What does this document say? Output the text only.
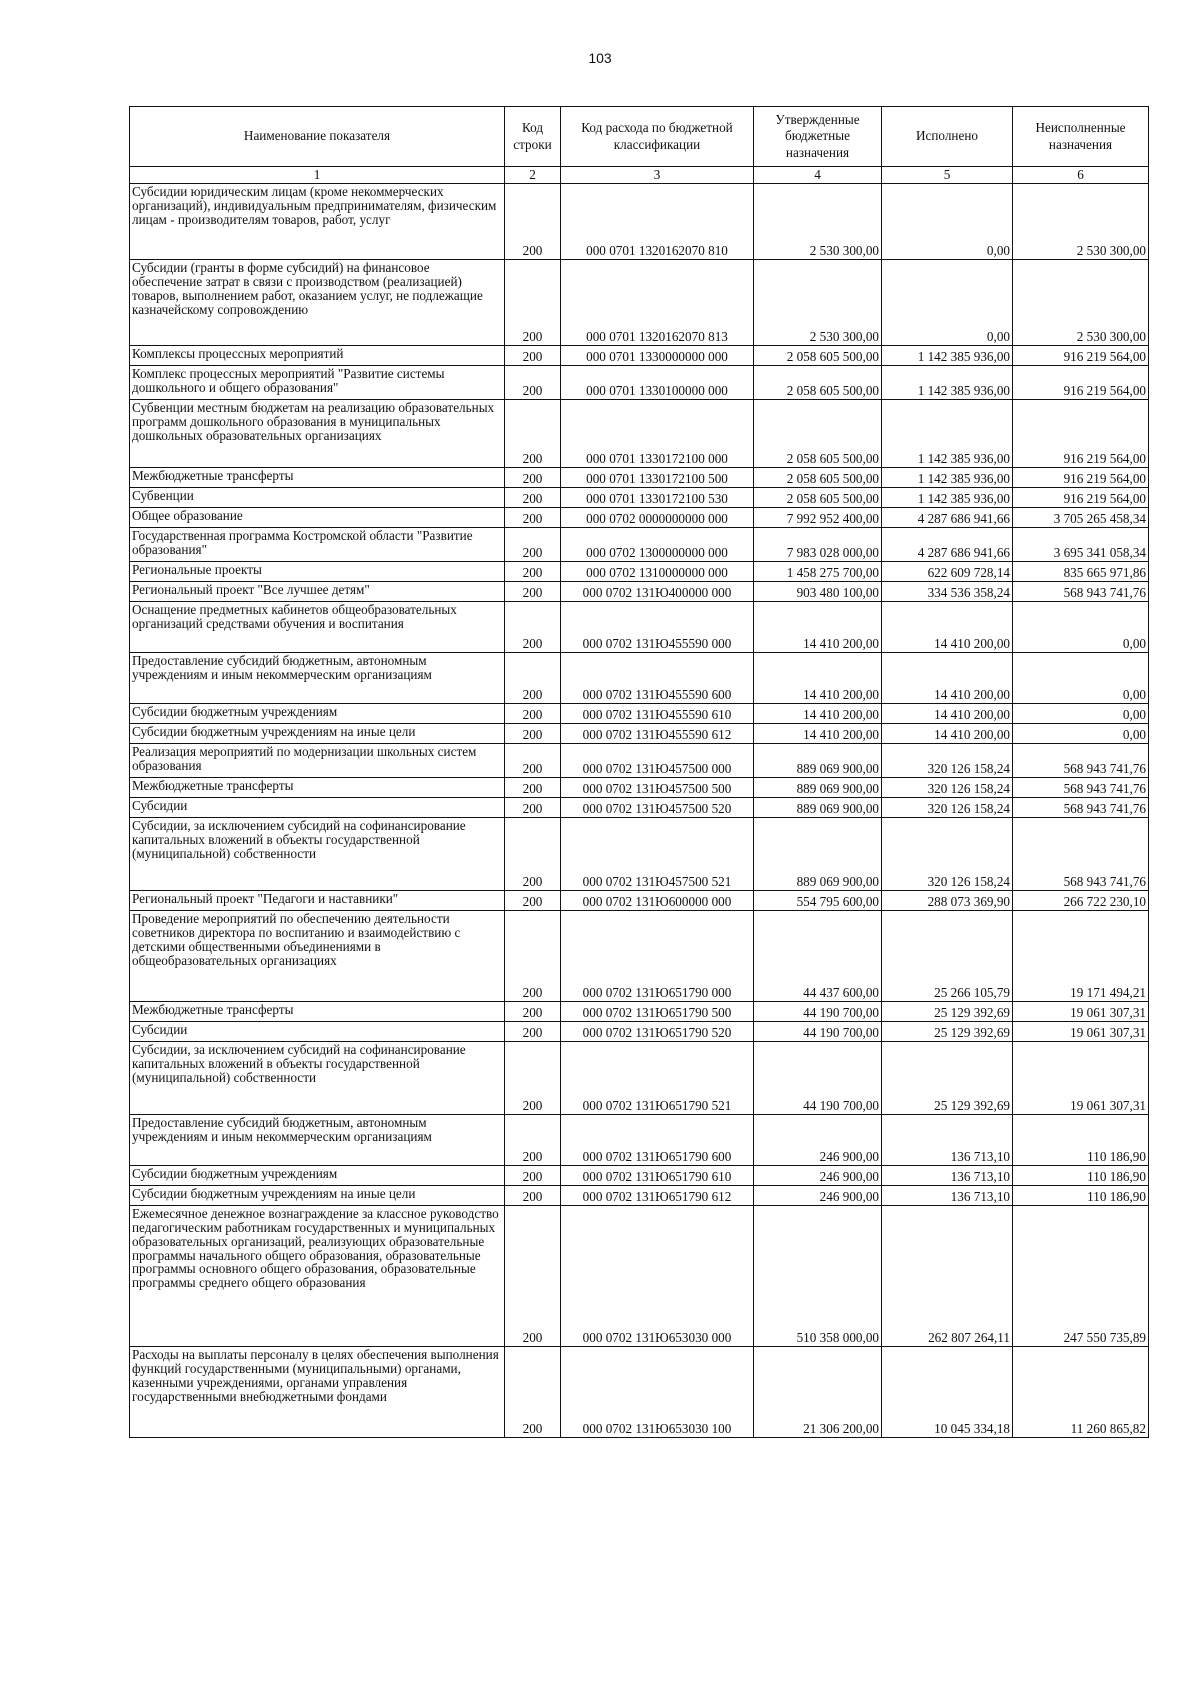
103
Наименование показателя	Код строки	Код расхода по бюджетной классификации	Утвержденные бюджетные назначения	Исполнено	Неисполненные назначения
1	2	3	4	5	6
Субсидии юридическим лицам (кроме некоммерческих организаций), индивидуальным предпринимателям, физическим лицам - производителям товаров, работ, услуг	200	000 0701 1320162070 810	2 530 300,00	0,00	2 530 300,00
Субсидии (гранты в форме субсидий) на финансовое обеспечение затрат в связи с производством (реализацией) товаров, выполнением работ, оказанием услуг, не подлежащие казначейскому сопровождению	200	000 0701 1320162070 813	2 530 300,00	0,00	2 530 300,00
Комплексы процессных мероприятий	200	000 0701 1330000000 000	2 058 605 500,00	1 142 385 936,00	916 219 564,00
Комплекс процессных мероприятий "Развитие системы дошкольного и общего образования"	200	000 0701 1330100000 000	2 058 605 500,00	1 142 385 936,00	916 219 564,00
Субвенции местным бюджетам на реализацию образовательных программ дошкольного образования в муниципальных дошкольных образовательных организациях	200	000 0701 1330172100 000	2 058 605 500,00	1 142 385 936,00	916 219 564,00
Межбюджетные трансферты	200	000 0701 1330172100 500	2 058 605 500,00	1 142 385 936,00	916 219 564,00
Субвенции	200	000 0701 1330172100 530	2 058 605 500,00	1 142 385 936,00	916 219 564,00
Общее образование	200	000 0702 0000000000 000	7 992 952 400,00	4 287 686 941,66	3 705 265 458,34
Государственная программа Костромской области "Развитие образования"	200	000 0702 1300000000 000	7 983 028 000,00	4 287 686 941,66	3 695 341 058,34
Региональные проекты	200	000 0702 1310000000 000	1 458 275 700,00	622 609 728,14	835 665 971,86
Региональный проект "Все лучшее детям"	200	000 0702 131Ю400000 000	903 480 100,00	334 536 358,24	568 943 741,76
Оснащение предметных кабинетов общеобразовательных организаций средствами обучения и воспитания	200	000 0702 131Ю455590 000	14 410 200,00	14 410 200,00	0,00
Предоставление субсидий бюджетным, автономным учреждениям и иным некоммерческим организациям	200	000 0702 131Ю455590 600	14 410 200,00	14 410 200,00	0,00
Субсидии бюджетным учреждениям	200	000 0702 131Ю455590 610	14 410 200,00	14 410 200,00	0,00
Субсидии бюджетным учреждениям на иные цели	200	000 0702 131Ю455590 612	14 410 200,00	14 410 200,00	0,00
Реализация мероприятий по модернизации школьных систем образования	200	000 0702 131Ю457500 000	889 069 900,00	320 126 158,24	568 943 741,76
Межбюджетные трансферты	200	000 0702 131Ю457500 500	889 069 900,00	320 126 158,24	568 943 741,76
Субсидии	200	000 0702 131Ю457500 520	889 069 900,00	320 126 158,24	568 943 741,76
Субсидии, за исключением субсидий на софинансирование капитальных вложений в объекты государственной (муниципальной) собственности	200	000 0702 131Ю457500 521	889 069 900,00	320 126 158,24	568 943 741,76
Региональный проект "Педагоги и наставники"	200	000 0702 131Ю600000 000	554 795 600,00	288 073 369,90	266 722 230,10
Проведение мероприятий по обеспечению деятельности советников директора по воспитанию и взаимодействию с детскими общественными объединениями в общеобразовательных организациях	200	000 0702 131Ю651790 000	44 437 600,00	25 266 105,79	19 171 494,21
Межбюджетные трансферты	200	000 0702 131Ю651790 500	44 190 700,00	25 129 392,69	19 061 307,31
Субсидии	200	000 0702 131Ю651790 520	44 190 700,00	25 129 392,69	19 061 307,31
Субсидии, за исключением субсидий на софинансирование капитальных вложений в объекты государственной (муниципальной) собственности	200	000 0702 131Ю651790 521	44 190 700,00	25 129 392,69	19 061 307,31
Предоставление субсидий бюджетным, автономным учреждениям и иным некоммерческим организациям	200	000 0702 131Ю651790 600	246 900,00	136 713,10	110 186,90
Субсидии бюджетным учреждениям	200	000 0702 131Ю651790 610	246 900,00	136 713,10	110 186,90
Субсидии бюджетным учреждениям на иные цели	200	000 0702 131Ю651790 612	246 900,00	136 713,10	110 186,90
Ежемесячное денежное вознаграждение за классное руководство педагогическим работникам государственных и муниципальных образовательных организаций, реализующих образовательные программы начального общего образования, образовательные программы основного общего образования, образовательные программы среднего общего образования	200	000 0702 131Ю653030 000	510 358 000,00	262 807 264,11	247 550 735,89
Расходы на выплаты персоналу в целях обеспечения выполнения функций государственными (муниципальными) органами, казенными учреждениями, органами управления государственными внебюджетными фондами	200	000 0702 131Ю653030 100	21 306 200,00	10 045 334,18	11 260 865,82
